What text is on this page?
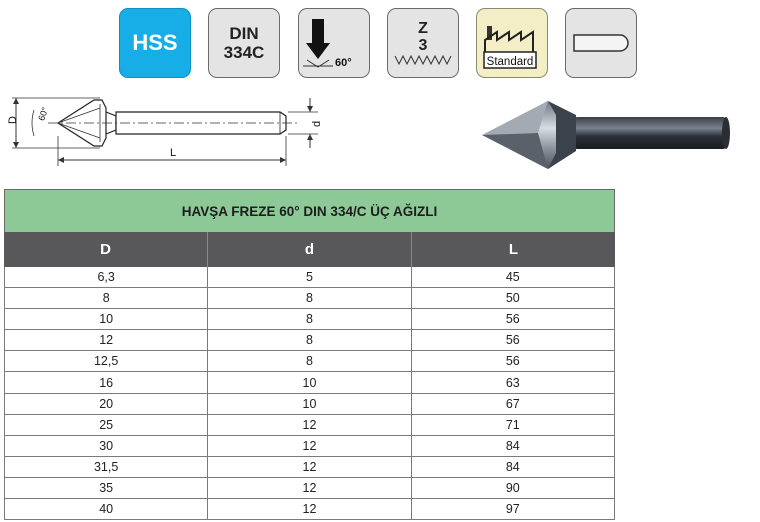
HSS	DIN
334C
60°
Z
3
Standard
D 60°
L
d
HAVŞA FREZE 60° DIN 334/C ÜÇ AĞIZLI
D	d	L
6,3	5	45
8	8	50
10	8	56
12	8	56
12,5	8	56
16	10	63
20	10	67
25	12	71
30	12	84
31,5	12	84
35	12	90
40	12	97
